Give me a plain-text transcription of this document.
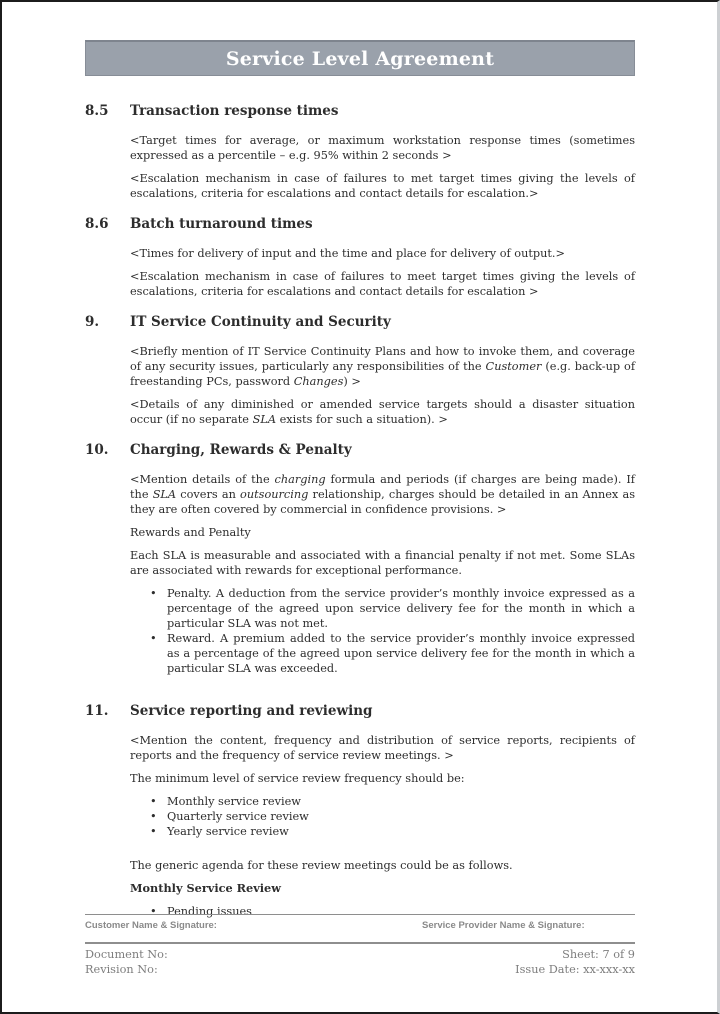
Service Level Agreement
8.5	Transaction response times

<Target times for average, or maximum workstation response times (sometimes expressed as a percentile – e.g. 95% within 2 seconds >

<Escalation mechanism in case of failures to met target times giving the levels of escalations, criteria for escalations and contact details for escalation.>

8.6	Batch turnaround times

<Times for delivery of input and the time and place for delivery of output.>

<Escalation mechanism in case of failures to meet target times giving the levels of escalations, criteria for escalations and contact details for escalation >

9.	IT Service Continuity and Security

<Briefly mention of IT Service Continuity Plans and how to invoke them, and coverage of any security issues, particularly any responsibilities of the Customer (e.g. back-up of freestanding PCs, password Changes) >

<Details of any diminished or amended service targets should a disaster situation occur (if no separate SLA exists for such a situation). >

10.	Charging, Rewards & Penalty

<Mention details of the charging formula and periods (if charges are being made). If the SLA covers an outsourcing relationship, charges should be detailed in an Annex as they are often covered by commercial in confidence provisions. >

Rewards and Penalty

Each SLA is measurable and associated with a financial penalty if not met. Some SLAs are associated with rewards for exceptional performance.

• Penalty. A deduction from the service provider’s monthly invoice expressed as a percentage of the agreed upon service delivery fee for the month in which a particular SLA was not met.
• Reward. A premium added to the service provider’s monthly invoice expressed as a percentage of the agreed upon service delivery fee for the month in which a particular SLA was exceeded.
11.	Service reporting and reviewing

<Mention the content, frequency and distribution of service reports, recipients of reports and the frequency of service review meetings. >

The minimum level of service review frequency should be:

• Monthly service review
• Quarterly service review
• Yearly service review

The generic agenda for these review meetings could be as follows.

Monthly Service Review

• Pending issues
Customer Name & Signature:	Service Provider Name & Signature:
Document No:
Revision No:
Sheet: 7 of 9
Issue Date: xx-xxx-xx
